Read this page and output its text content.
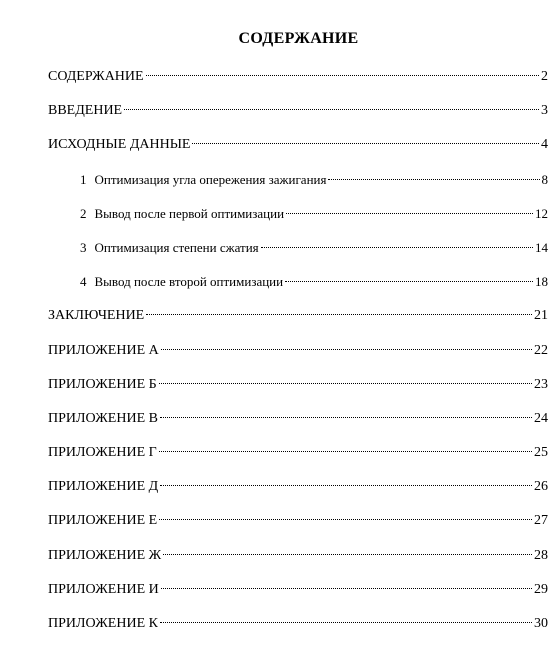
СОДЕРЖАНИЕ
СОДЕРЖАНИЕ	2
ВВЕДЕНИЕ	3
ИСХОДНЫЕ ДАННЫЕ	4
1 Оптимизация угла опережения зажигания	8
2 Вывод после первой оптимизации	12
3 Оптимизация степени сжатия	14
4 Вывод после второй оптимизации	18
ЗАКЛЮЧЕНИЕ	21
ПРИЛОЖЕНИЕ А	22
ПРИЛОЖЕНИЕ Б	23
ПРИЛОЖЕНИЕ В	24
ПРИЛОЖЕНИЕ Г	25
ПРИЛОЖЕНИЕ Д	26
ПРИЛОЖЕНИЕ Е	27
ПРИЛОЖЕНИЕ Ж	28
ПРИЛОЖЕНИЕ И	29
ПРИЛОЖЕНИЕ К	30
